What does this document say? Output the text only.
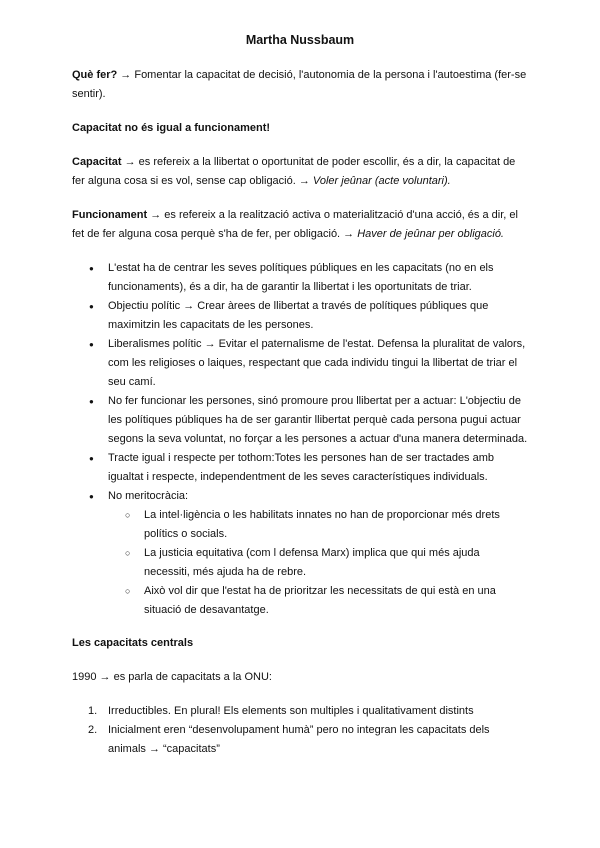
Martha Nussbaum

Què fer? → Fomentar la capacitat de decisió, l'autonomia de la persona i l'autoestima (fer-se sentir).

Capacitat no és igual a funcionament!

Capacitat → es refereix a la llibertat o oportunitat de poder escollir, és a dir, la capacitat de fer alguna cosa si es vol, sense cap obligació. → Voler jeûnar (acte voluntari).

Funcionament → es refereix a la realització activa o materialització d'una acció, és a dir, el fet de fer alguna cosa perquè s'ha de fer, per obligació. → Haver de jeûnar per obligació.

● L'estat ha de centrar les seves polítiques públiques en les capacitats (no en els funcionaments), és a dir, ha de garantir la llibertat i les oportunitats de triar.
● Objectiu polític → Crear àrees de llibertat a través de polítiques públiques que maximitzin les capacitats de les persones.
● Liberalismes polític → Evitar el paternalisme de l'estat. Defensa la pluralitat de valors, com les religioses o laiques, respectant que cada individu tingui la llibertat de triar el seu camí.
● No fer funcionar les persones, sinó promoure prou llibertat per a actuar: L'objectiu de les polítiques públiques ha de ser garantir llibertat perquè cada persona pugui actuar segons la seva voluntat, no forçar a les persones a actuar d'una manera determinada.
● Tracte igual i respecte per tothom:Totes les persones han de ser tractades amb igualtat i respecte, independentment de les seves característiques individuals.
● No meritocràcia:
○ La intel·ligència o les habilitats innates no han de proporcionar més drets polítics o socials.
○ La justicia equitativa (com l defensa Marx) implica que qui més ajuda necessiti, més ajuda ha de rebre.
○ Això vol dir que l'estat ha de prioritzar les necessitats de qui està en una situació de desavantatge.

Les capacitats centrals

1990 → es parla de capacitats a la ONU:

1. Irreductibles. En plural! Els elements son multiples i qualitativament distints
2. Inicialment eren “desenvolupament humà” pero no integran les capacitats dels animals → “capacitats”
